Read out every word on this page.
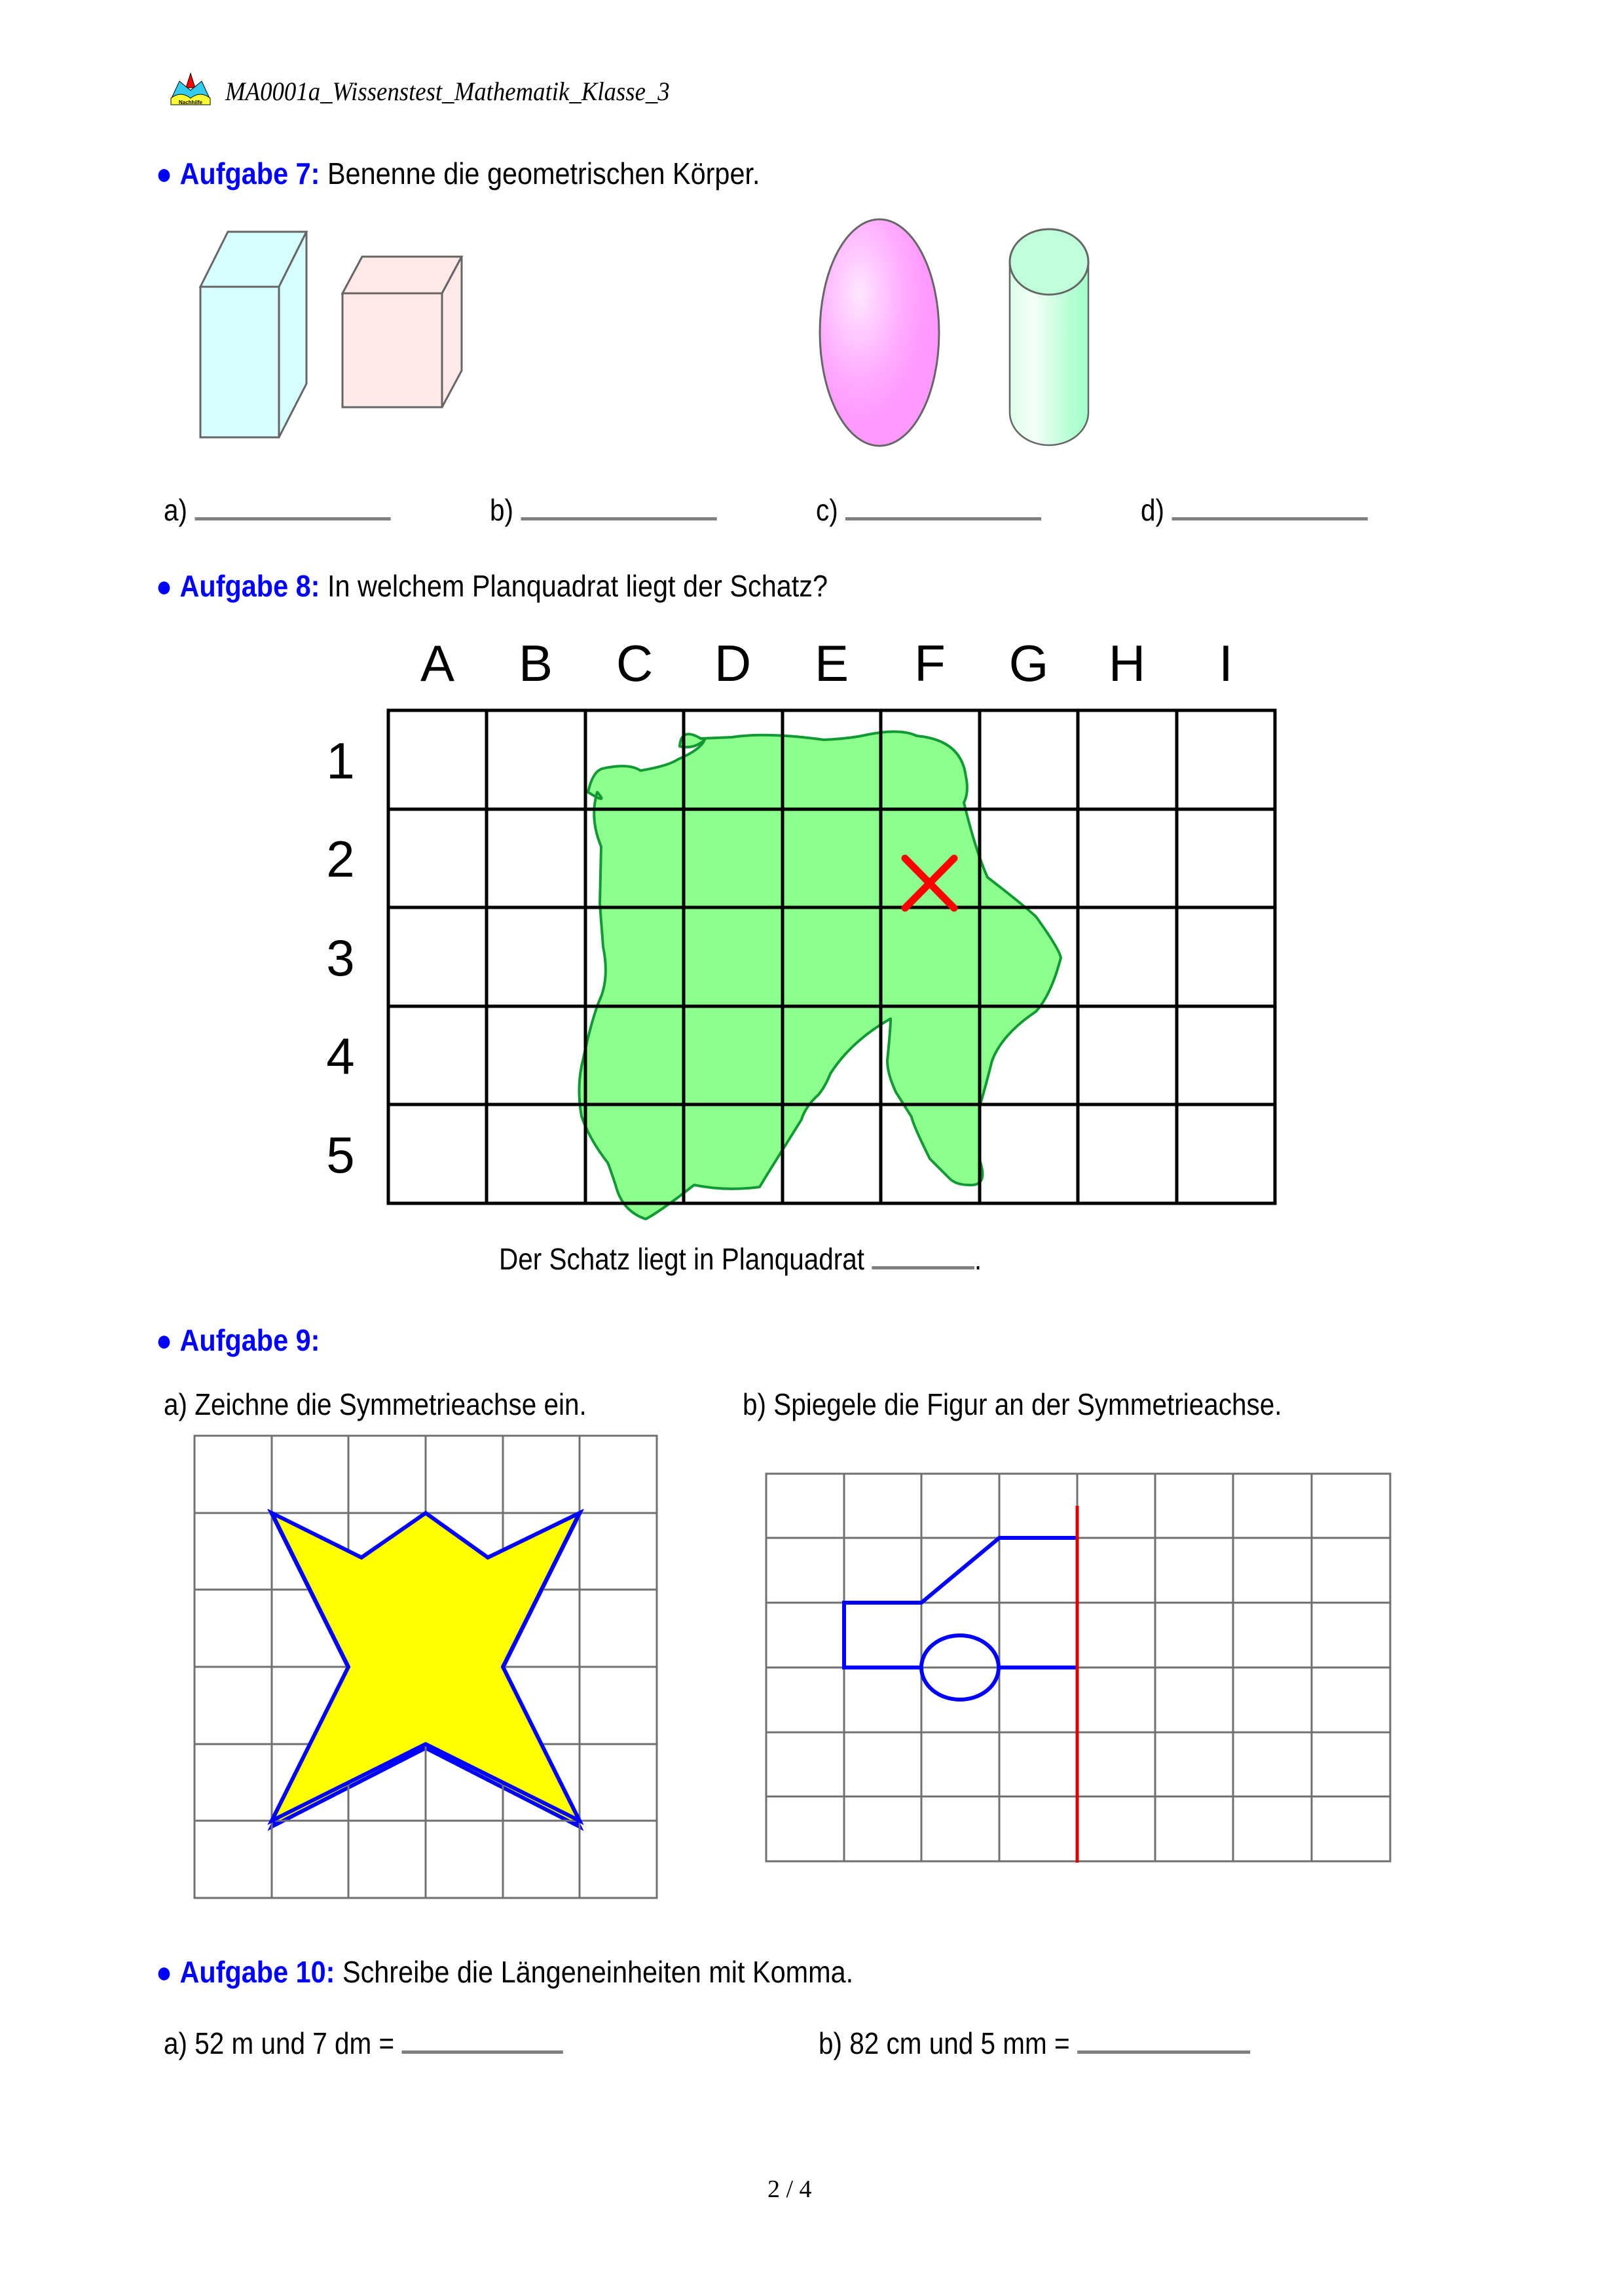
Nachhilfe MA0001a_Wissenstest_Mathematik_Klasse_3
● Aufgabe 7: Benenne die geometrischen Körper.
a)	b)	c)	d)
● Aufgabe 8: In welchem Planquadrat liegt der Schatz?
A	B	C	D	E	F	G	H	I
1
2
3
4
5
Der Schatz liegt in Planquadrat	.
● Aufgabe 9:
a) Zeichne die Symmetrieachse ein.	b) Spiegele die Figur an der Symmetrieachse.
● Aufgabe 10: Schreibe die Längeneinheiten mit Komma.
a) 52 m und 7 dm =	b) 82 cm und 5 mm =
2 / 4
